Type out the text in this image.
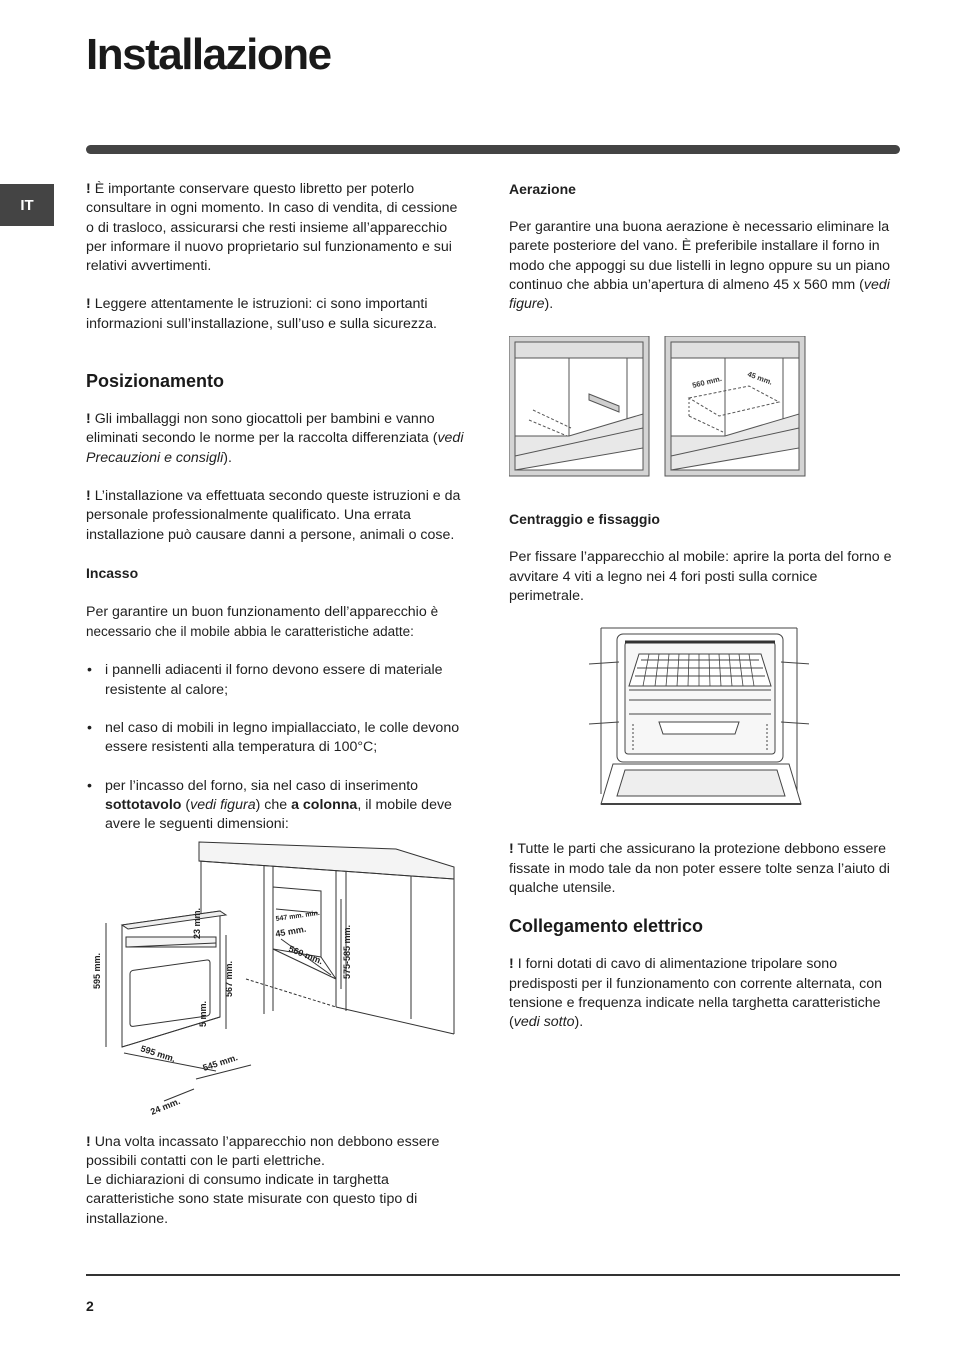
Installazione
IT

! È importante conservare questo libretto per poterlo consultare in ogni momento. In caso di vendita, di cessione o di trasloco, assicurarsi che resti insieme all’apparecchio per informare il nuovo proprietario sul funzionamento e sui relativi avvertimenti.

! Leggere attentamente le istruzioni: ci sono importanti informazioni sull’installazione, sull’uso e sulla sicurezza.

Posizionamento

! Gli imballaggi non sono giocattoli per bambini e vanno eliminati secondo le norme per la raccolta differenziata (vedi Precauzioni e consigli).

! L’installazione va effettuata secondo queste istruzioni e da personale professionalmente qualificato. Una errata installazione può causare danni a persone, animali o cose.

Incasso

Per garantire un buon funzionamento dell’apparecchio è necessario che il mobile abbia le caratteristiche adatte:

• i pannelli adiacenti il forno devono essere di materiale resistente al calore;
• nel caso di mobili in legno impiallacciato, le colle devono essere resistenti alla temperatura di 100°C;
• per l’incasso del forno, sia nel caso di inserimento sottotavolo (vedi figura) che a colonna, il mobile deve avere le seguenti dimensioni:
595 mm.
23 mm.
567 mm.
5 mm.
595 mm.	545 mm.
24 mm.
547 mm. min.
45 mm.
560 mm. 575-585 mm.

! Una volta incassato l’apparecchio non debbono essere possibili contatti con le parti elettriche.
Le dichiarazioni di consumo indicate in targhetta caratteristiche sono state misurate con questo tipo di installazione.

Aerazione

Per garantire una buona aerazione è necessario eliminare la parete posteriore del vano. È preferibile installare il forno in modo che appoggi su due listelli in legno oppure su un piano continuo che abbia un’apertura di almeno 45 x 560 mm (vedi figure).

560 mm.	45 mm.
Centraggio e fissaggio

Per fissare l’apparecchio al mobile: aprire la porta del forno e avvitare 4 viti a legno nei 4 fori posti sulla cornice perimetrale.

! Tutte le parti che assicurano la protezione debbono essere fissate in modo tale da non poter essere tolte senza l’aiuto di qualche utensile.

Collegamento elettrico

! I forni dotati di cavo di alimentazione tripolare sono predisposti per il funzionamento con corrente alternata, con tensione e frequenza indicate nella targhetta caratteristiche (vedi sotto).

2
